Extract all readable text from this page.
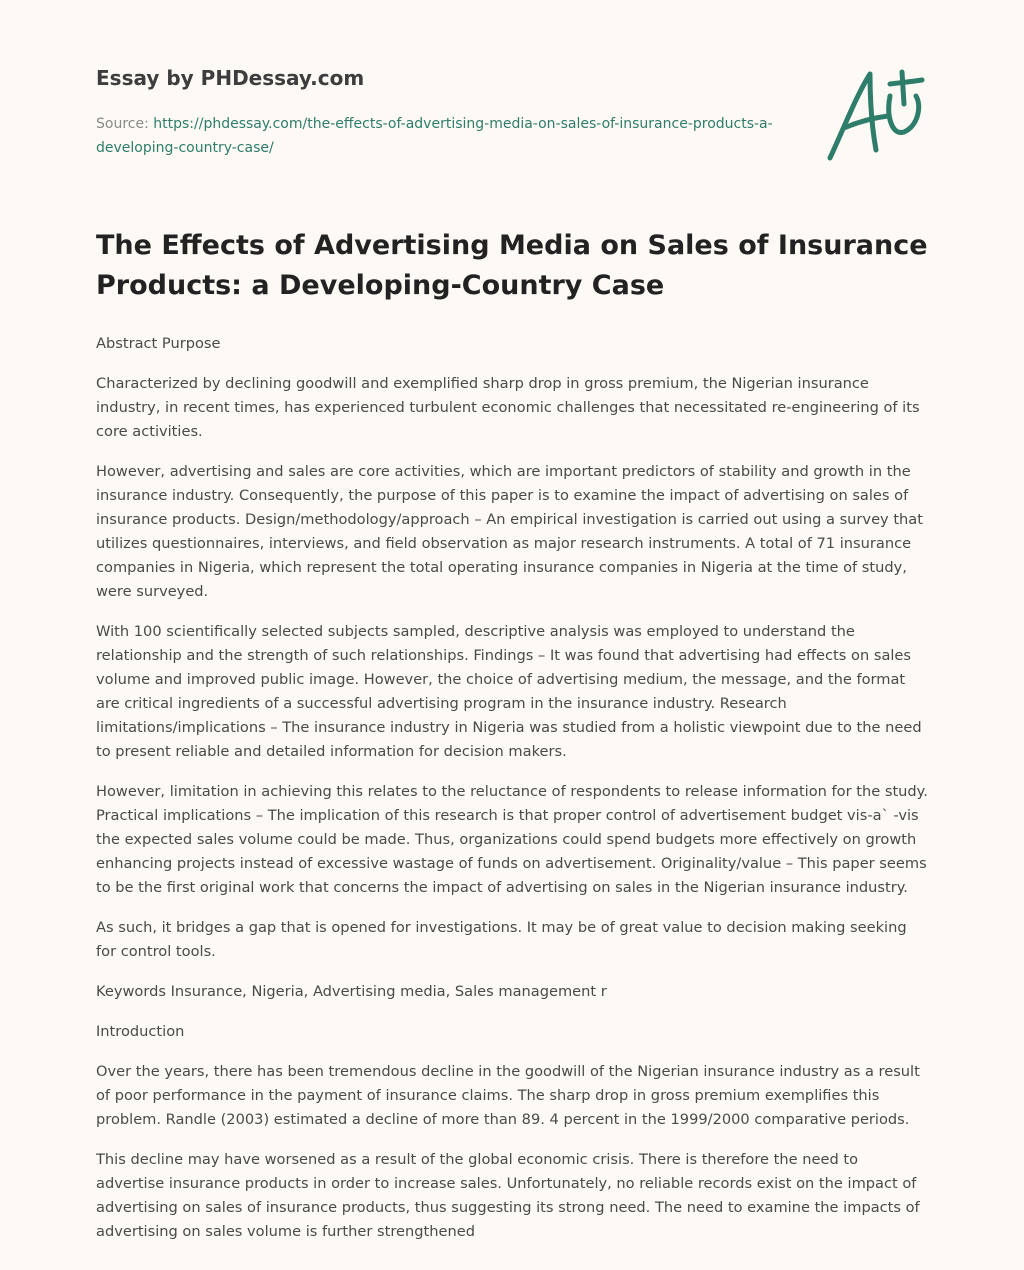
Essay by PHDessay.com
Source: https://phdessay.com/the-effects-of-advertising-media-on-sales-of-insurance-products-a-developing-country-case/
The Effects of Advertising Media on Sales of Insurance Products: a Developing-Country Case

Abstract Purpose

Characterized by declining goodwill and exemplified sharp drop in gross premium, the Nigerian insurance industry, in recent times, has experienced turbulent economic challenges that necessitated re-engineering of its core activities.

However, advertising and sales are core activities, which are important predictors of stability and growth in the insurance industry. Consequently, the purpose of this paper is to examine the impact of advertising on sales of insurance products. Design/methodology/approach – An empirical investigation is carried out using a survey that utilizes questionnaires, interviews, and field observation as major research instruments. A total of 71 insurance companies in Nigeria, which represent the total operating insurance companies in Nigeria at the time of study, were surveyed.

With 100 scientifically selected subjects sampled, descriptive analysis was employed to understand the relationship and the strength of such relationships. Findings – It was found that advertising had effects on sales volume and improved public image. However, the choice of advertising medium, the message, and the format are critical ingredients of a successful advertising program in the insurance industry. Research limitations/implications – The insurance industry in Nigeria was studied from a holistic viewpoint due to the need to present reliable and detailed information for decision makers.

However, limitation in achieving this relates to the reluctance of respondents to release information for the study. Practical implications – The implication of this research is that proper control of advertisement budget vis-a` -vis the expected sales volume could be made. Thus, organizations could spend budgets more effectively on growth enhancing projects instead of excessive wastage of funds on advertisement. Originality/value – This paper seems to be the first original work that concerns the impact of advertising on sales in the Nigerian insurance industry.

As such, it bridges a gap that is opened for investigations. It may be of great value to decision making seeking for control tools.

Keywords Insurance, Nigeria, Advertising media, Sales management r

Introduction

Over the years, there has been tremendous decline in the goodwill of the Nigerian insurance industry as a result of poor performance in the payment of insurance claims. The sharp drop in gross premium exemplifies this problem. Randle (2003) estimated a decline of more than 89. 4 percent in the 1999/2000 comparative periods.

This decline may have worsened as a result of the global economic crisis. There is therefore the need to advertise insurance products in order to increase sales. Unfortunately, no reliable records exist on the impact of advertising on sales of insurance products, thus suggesting its strong need. The need to examine the impacts of advertising on sales volume is further strengthened
